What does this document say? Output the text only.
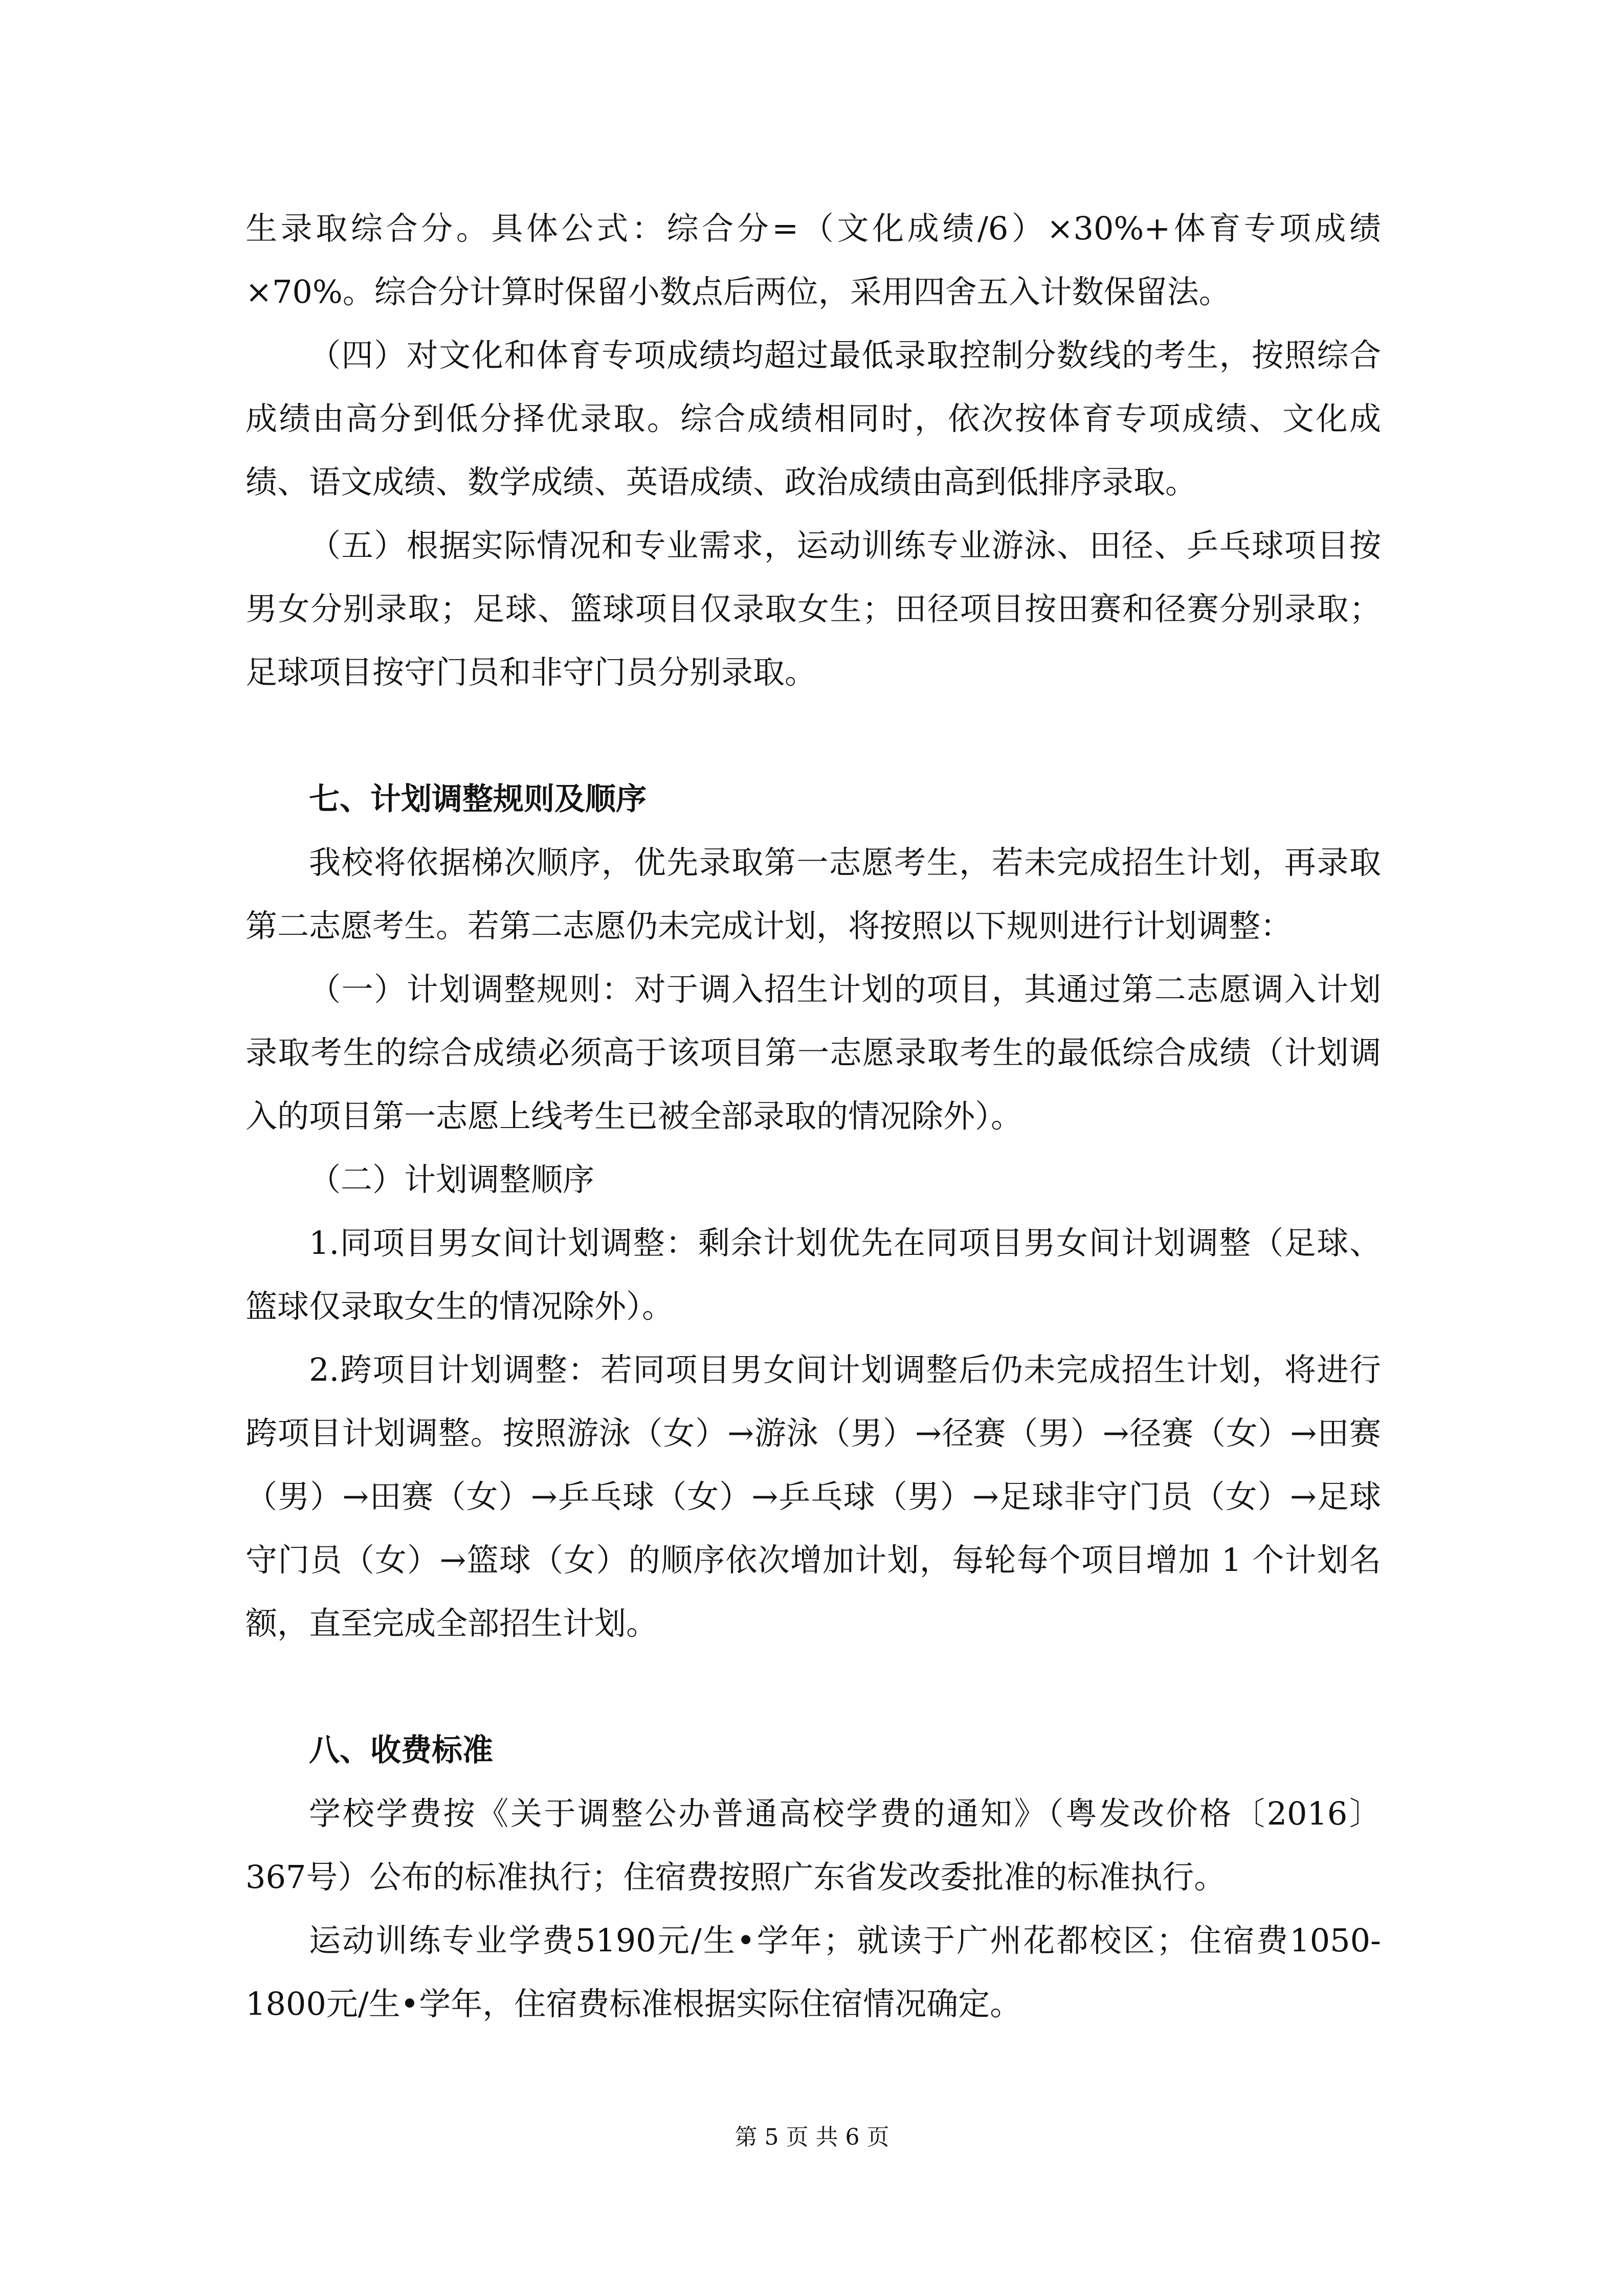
生录取综合分。具体公式：综合分=（文化成绩/6）×30%+体育专项成绩×70%。综合分计算时保留小数点后两位，采用四舍五入计数保留法。

（四）对文化和体育专项成绩均超过最低录取控制分数线的考生，按照综合成绩由高分到低分择优录取。综合成绩相同时，依次按体育专项成绩、文化成绩、语文成绩、数学成绩、英语成绩、政治成绩由高到低排序录取。

（五）根据实际情况和专业需求，运动训练专业游泳、田径、乒乓球项目按男女分别录取；足球、篮球项目仅录取女生；田径项目按田赛和径赛分别录取；足球项目按守门员和非守门员分别录取。

七、计划调整规则及顺序

我校将依据梯次顺序，优先录取第一志愿考生，若未完成招生计划，再录取第二志愿考生。若第二志愿仍未完成计划，将按照以下规则进行计划调整：

（一）计划调整规则：对于调入招生计划的项目，其通过第二志愿调入计划录取考生的综合成绩必须高于该项目第一志愿录取考生的最低综合成绩（计划调入的项目第一志愿上线考生已被全部录取的情况除外）。

（二）计划调整顺序

1.同项目男女间计划调整：剩余计划优先在同项目男女间计划调整（足球、篮球仅录取女生的情况除外）。

2.跨项目计划调整：若同项目男女间计划调整后仍未完成招生计划，将进行跨项目计划调整。按照游泳（女）→游泳（男）→径赛（男）→径赛（女）→田赛（男）→田赛（女）→乒乓球（女）→乒乓球（男）→足球非守门员（女）→足球守门员（女）→篮球（女）的顺序依次增加计划，每轮每个项目增加 1 个计划名额，直至完成全部招生计划。

八、收费标准

学校学费按《关于调整公办普通高校学费的通知》（粤发改价格〔2016〕367号）公布的标准执行；住宿费按照广东省发改委批准的标准执行。

运动训练专业学费5190元/生•学年；就读于广州花都校区；住宿费1050-1800元/生•学年，住宿费标准根据实际住宿情况确定。

第 5 页 共 6 页
